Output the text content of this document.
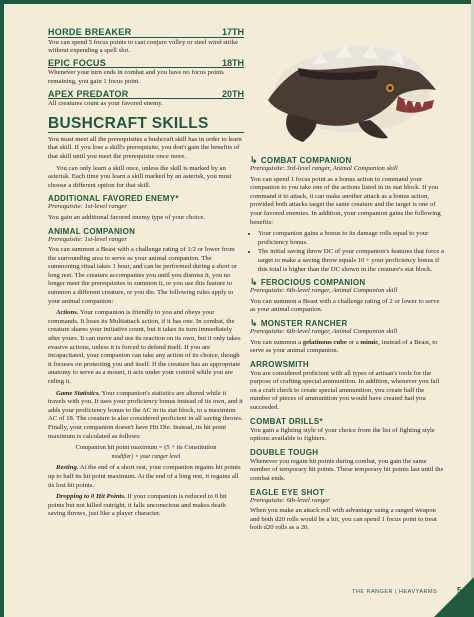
HORDE BREAKER	17TH

You can spend 5 focus points to cast conjure volley or steel wind strike without expending a spell slot.

EPIC FOCUS	18TH

Whenever your turn ends in combat and you have no focus points remaining, you gain 1 focus point.

APEX PREDATOR	20TH

All creatures count as your favored enemy.

BUSHCRAFT SKILLS

You must meet all the prerequisites a bushcraft skill has in order to learn that skill. If you lose a skill's prerequisite, you don't gain the benefits of that skill until you meet the prerequisite once more.

You can only learn a skill once, unless the skill is marked by an asterisk. Each time you learn a skill marked by an asterisk, you must choose a different option for that skill.

ADDITIONAL FAVORED ENEMY*

Prerequisite: 1st-level ranger

You gain an additional favored enemy type of your choice.

ANIMAL COMPANION

Prerequisite: 1st-level ranger

You can summon a Beast with a challenge rating of 1/2 or lower from the surrounding area to serve as your animal companion. The summoning ritual takes 1 hour, and can be performed during a short or long rest. The creature accompanies you until you dismiss it, you no longer meet the prerequisites to summon it, or you use this feature to summon a different creature, or you die. The following rules apply to your animal companion:

Actions. Your companion is friendly to you and obeys your commands. It loses its Multiattack action, if it has one. In combat, the creature shares your initiative count, but it takes its turn immediately after yours. It can move and use its reaction on its own, but it only takes evasive actions, unless it is forced to defend itself. If you are incapacitated, your companion can take any action of its choice, though it focuses on protecting you and itself. If the creature has an appropriate anatomy to serve as a mount, it acts under your control while you are riding it.

Game Statistics. Your companion's statistics are altered while it travels with you. It uses your proficiency bonus instead of its own, and it adds your proficiency bonus to the AC in its stat block, to a maximum AC of 18. The creature is also considered proficient in all saving throws. Finally, your companion doesn't have Hit Die. Instead, its hit point maximum is calculated as follows:

Companion hit point maximum = (5 + its Constitution
modifier) × your ranger level

Resting. At the end of a short rest, your companion regains hit points up to half its hit point maximum. At the end of a long rest, it regains all its lost hit points.

Dropping to 0 Hit Points. If your companion is reduced to 0 hit points but not killed outright, it falls unconscious and makes death saving throws, just like a player character.

↳ COMBAT COMPANION

Prerequisite: 3rd-level ranger, Animal Companion skill

You can spend 1 focus point as a bonus action to command your companion to you take one of the actions listed in its stat block. If you command it to attack, it can make another attack as a bonus action, provided both attacks target the same creature and the target is one of your favored enemies. In addition, your companion gains the following benefits:

• Your companion gains a bonus to its damage rolls equal to your proficiency bonus.
• The initial saving throw DC of your companion's features that force a target to make a saving throw equals 10 + your proficiency bonus if this total is higher than the DC shown in the creature's stat block.
↳ FEROCIOUS COMPANION

Prerequisite: 6th-level ranger, Animal Companion skill

You can summon a Beast with a challenge rating of 2 or lower to serve as your animal companion.

↳ MONSTER RANCHER

Prerequisite: 6th-level ranger, Animal Companion skill

You can summon a gelatinous cube or a mimic, instead of a Beast, to serve as your animal companion.

ARROWSMITH

You are considered proficient with all types of artisan's tools for the purpose of crafting special ammunition. In addition, whenever you fail on a craft check to create special ammunition, you create half the number of pieces of ammunition you would have created had you succeeded.

COMBAT DRILLS*

You gain a fighting style of your choice from the list of fighting style options available to fighters.

DOUBLE TOUGH

Whenever you regain hit points during combat, you gain the same number of temporary hit points. These temporary hit points last until the combat ends.

EAGLE EYE SHOT

Prerequisite: 6th-level ranger

When you make an attack roll with advantage using a ranged weapon and both d20 rolls would be a hit, you can spend 1 focus point to treat both d20 rolls as a 20.

THE RANGER | HEAVYARMS 5
